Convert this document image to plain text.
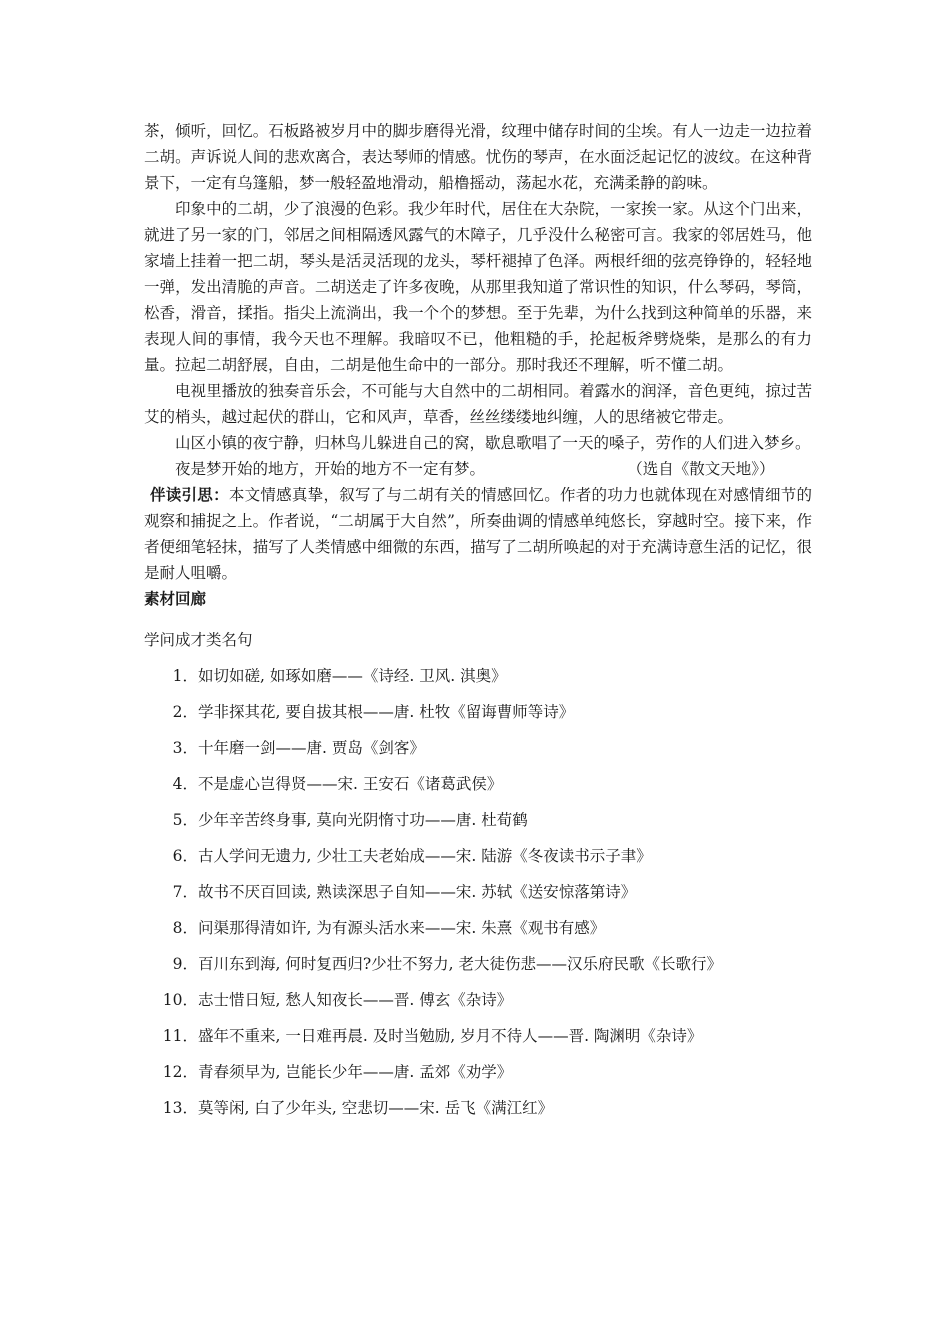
茶，倾听，回忆。石板路被岁月中的脚步磨得光滑，纹理中储存时间的尘埃。有人一边走一边拉着二胡。声诉说人间的悲欢离合，表达琴师的情感。忧伤的琴声，在水面泛起记忆的波纹。在这种背景下，一定有乌篷船，梦一般轻盈地滑动，船橹摇动，荡起水花，充满柔静的韵味。

印象中的二胡，少了浪漫的色彩。我少年时代，居住在大杂院，一家挨一家。从这个门出来，就进了另一家的门，邻居之间相隔透风露气的木障子，几乎没什么秘密可言。我家的邻居姓马，他家墙上挂着一把二胡，琴头是活灵活现的龙头，琴杆褪掉了色泽。两根纤细的弦亮铮铮的，轻轻地一弹，发出清脆的声音。二胡送走了许多夜晚，从那里我知道了常识性的知识，什么琴码，琴筒，松香，滑音，揉指。指尖上流淌出，我一个个的梦想。至于先辈，为什么找到这种简单的乐器，来表现人间的事情，我今天也不理解。我暗叹不已，他粗糙的手，抡起板斧劈烧柴，是那么的有力量。拉起二胡舒展，自由，二胡是他生命中的一部分。那时我还不理解，听不懂二胡。

电视里播放的独奏音乐会，不可能与大自然中的二胡相同。着露水的润泽，音色更纯，掠过苦艾的梢头，越过起伏的群山，它和风声，草香，丝丝缕缕地纠缠，人的思绪被它带走。

山区小镇的夜宁静，归林鸟儿躲进自己的窝，歇息歌唱了一天的嗓子，劳作的人们进入梦乡。

夜是梦开始的地方，开始的地方不一定有梦。	（选自《散文天地》）

伴读引思：本文情感真挚，叙写了与二胡有关的情感回忆。作者的功力也就体现在对感情细节的观察和捕捉之上。作者说，“二胡属于大自然”，所奏曲调的情感单纯悠长，穿越时空。接下来，作者便细笔轻抹，描写了人类情感中细微的东西，描写了二胡所唤起的对于充满诗意生活的记忆，很是耐人咀嚼。

素材回廊

学问成才类名句

1． 如切如磋, 如琢如磨——《诗经. 卫风. 淇奥》
2． 学非探其花, 要自拔其根——唐. 杜牧《留诲曹师等诗》
3． 十年磨一剑——唐. 贾岛《剑客》
4． 不是虚心岂得贤——宋. 王安石《诸葛武侯》
5． 少年辛苦终身事, 莫向光阴惰寸功——唐. 杜荀鹤
6． 古人学问无遗力, 少壮工夫老始成——宋. 陆游《冬夜读书示子聿》
7． 故书不厌百回读, 熟读深思子自知——宋. 苏轼《送安惊落第诗》
8． 问渠那得清如许, 为有源头活水来——宋. 朱熹《观书有感》
9． 百川东到海, 何时复西归?少壮不努力, 老大徒伤悲——汉乐府民歌《长歌行》
10． 志士惜日短, 愁人知夜长——晋. 傅玄《杂诗》
11． 盛年不重来, 一日难再晨. 及时当勉励, 岁月不待人——晋. 陶渊明《杂诗》
12． 青春须早为, 岂能长少年——唐. 孟郊《劝学》
13． 莫等闲, 白了少年头, 空悲切——宋. 岳飞《满江红》
